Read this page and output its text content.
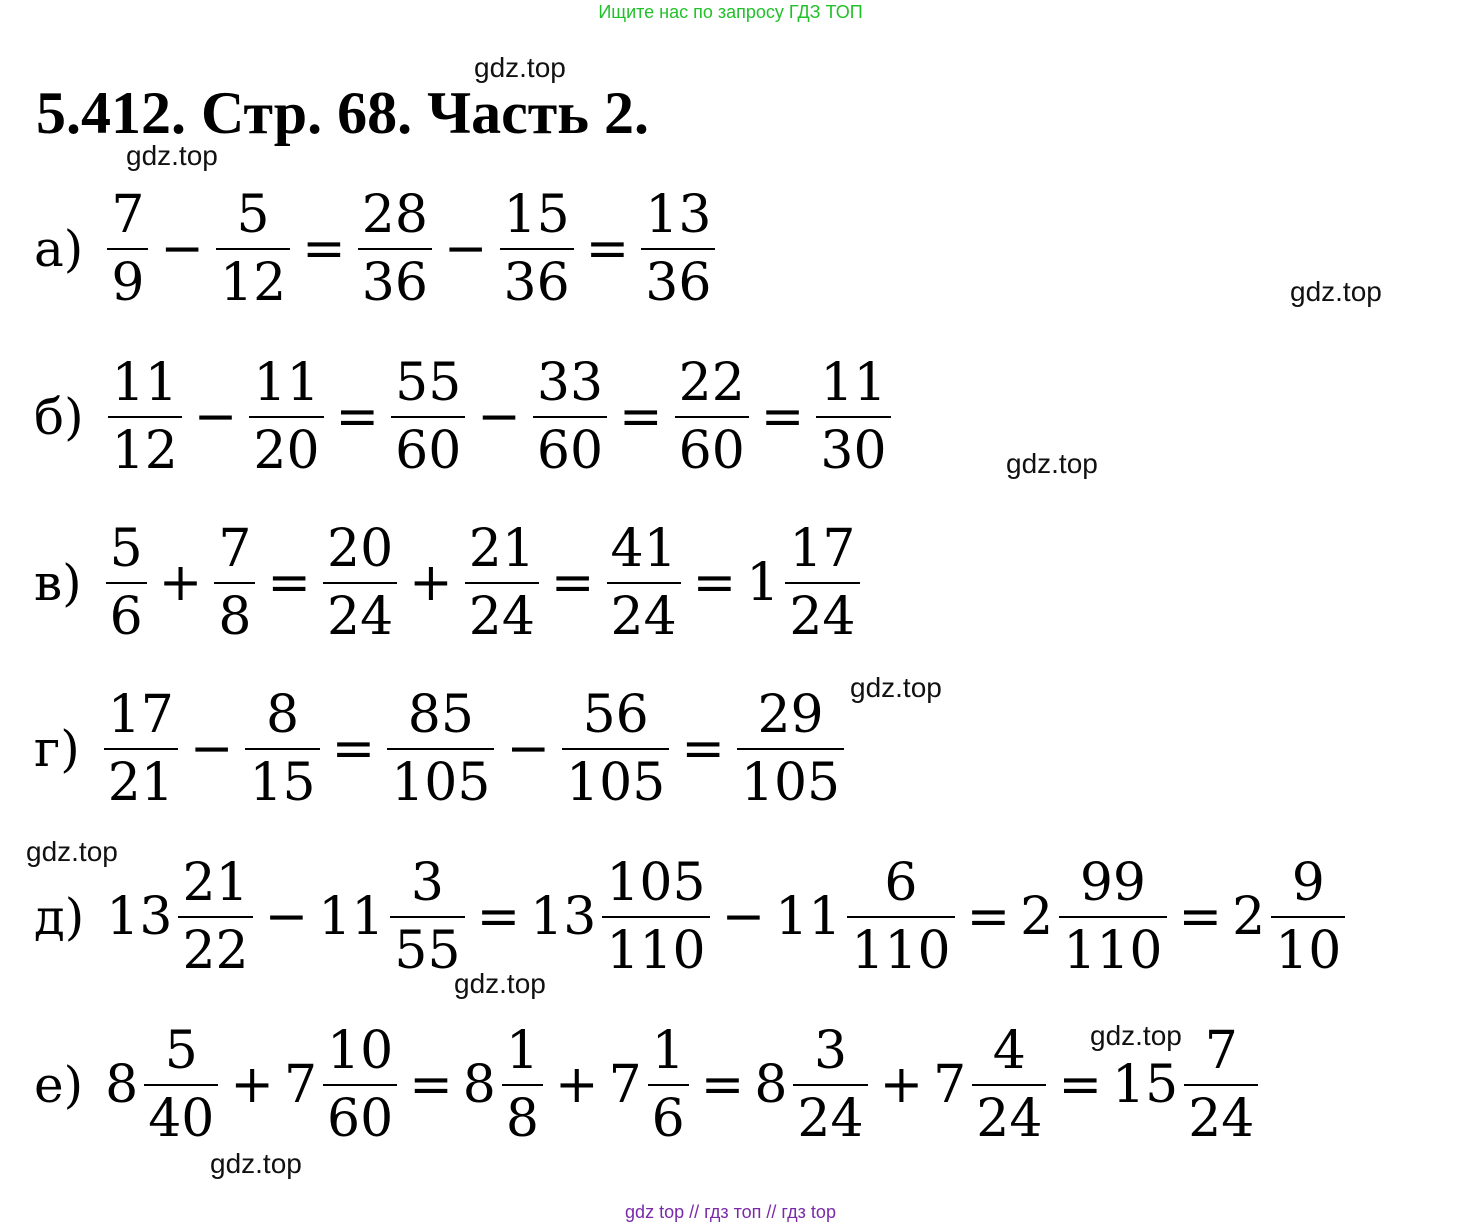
Ищите нас по запросу ГДЗ ТОП
5.412. Стр. 68. Часть 2.
gdz.top
gdz.top
gdz.top
gdz.top
gdz.top
gdz.top
gdz.top
gdz.top
gdz.top
$а) \frac{7}{9} - \frac{5}{12} = \frac{28}{36} - \frac{15}{36} = \frac{13}{36}$
$б) \frac{11}{12} - \frac{11}{20} = \frac{55}{60} - \frac{33}{60} = \frac{22}{60} = \frac{11}{30}$
$в) \frac{5}{6} + \frac{7}{8} = \frac{20}{24} + \frac{21}{24} = \frac{41}{24} = 1 \frac{17}{24}$
$г) \frac{17}{21} - \frac{8}{15} = \frac{85}{105} - \frac{56}{105} = \frac{29}{105}$
д) $13 \frac{21}{22} - 11 \frac{3}{55} = 13 \frac{105}{110} - 11 \frac{6}{110} = 2 \frac{99}{110} = 2 \frac{9}{10}$
е) $8 \frac{5}{40} + 7 \frac{10}{60} = 8 \frac{1}{8} + 7 \frac{1}{6} = 8 \frac{3}{24} + 7 \frac{4}{24} = 15 \frac{7}{24}$
gdz top // гдз топ // гдз top
